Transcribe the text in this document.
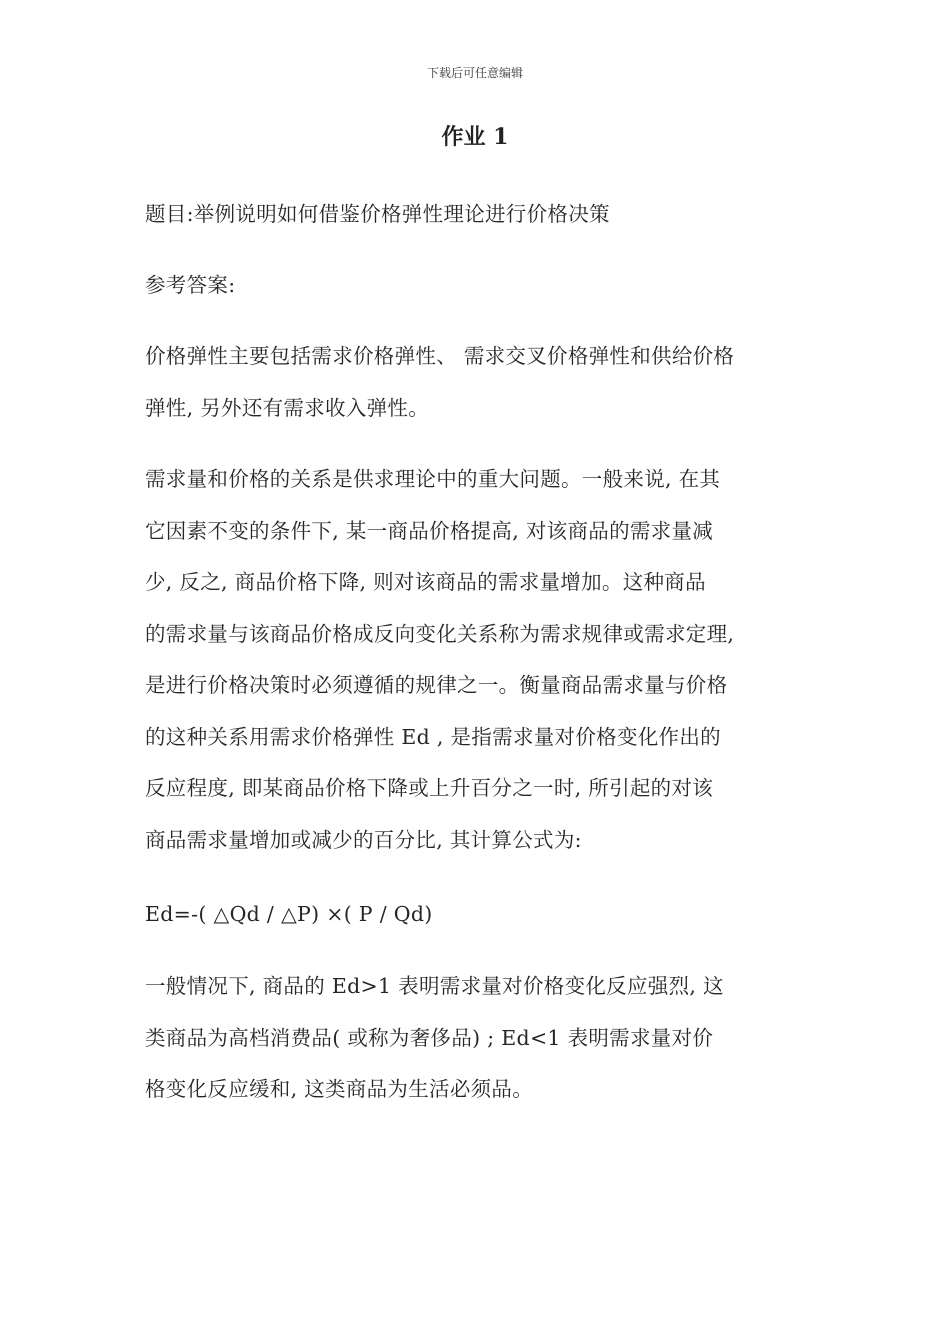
下载后可任意编辑
作业 1

题目:举例说明如何借鉴价格弹性理论进行价格决策

参考答案:

价格弹性主要包括需求价格弹性、 需求交叉价格弹性和供给价格
弹性, 另外还有需求收入弹性。

需求量和价格的关系是供求理论中的重大问题。一般来说, 在其
它因素不变的条件下, 某一商品价格提高, 对该商品的需求量减
少, 反之, 商品价格下降, 则对该商品的需求量增加。这种商品
的需求量与该商品价格成反向变化关系称为需求规律或需求定理,
是进行价格决策时必须遵循的规律之一。衡量商品需求量与价格
的这种关系用需求价格弹性 Ed , 是指需求量对价格变化作出的
反应程度, 即某商品价格下降或上升百分之一时, 所引起的对该
商品需求量增加或减少的百分比, 其计算公式为:

Ed=-( △Qd / △P) ×( P / Qd)

一般情况下, 商品的 Ed>1 表明需求量对价格变化反应强烈, 这
类商品为高档消费品( 或称为奢侈品) ; Ed<1 表明需求量对价
格变化反应缓和, 这类商品为生活必须品。
